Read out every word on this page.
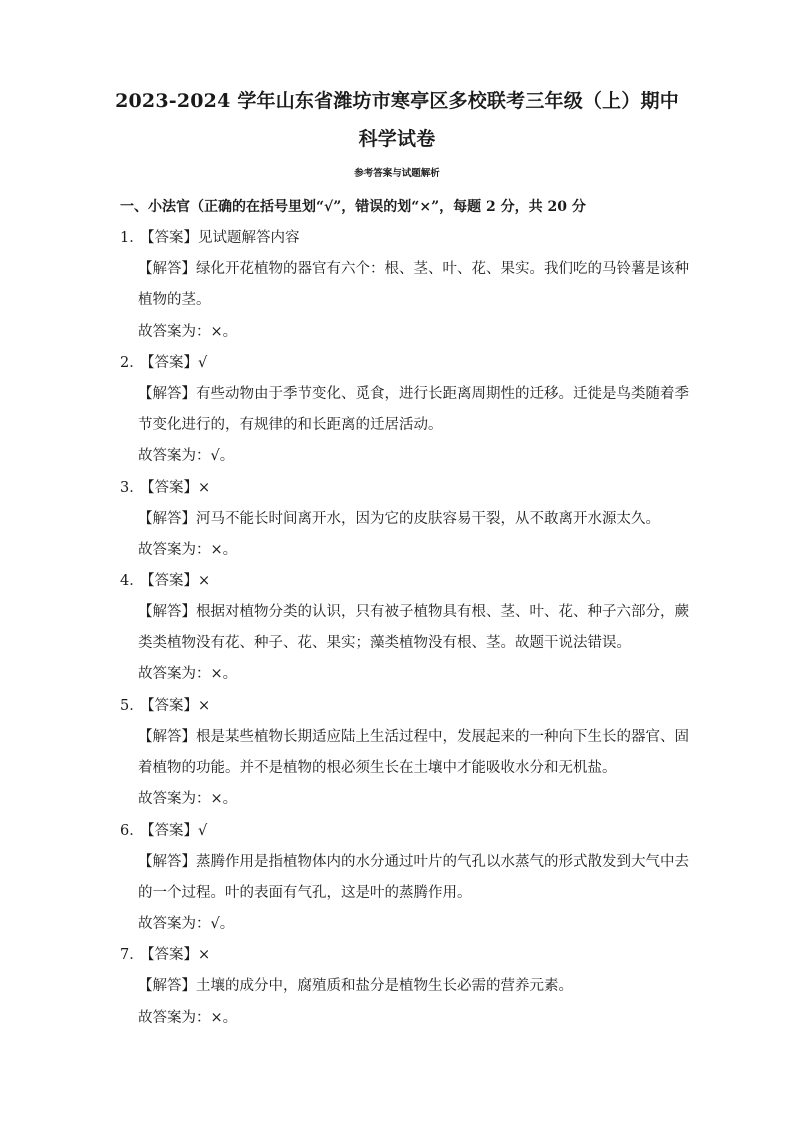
2023-2024 学年山东省潍坊市寒亭区多校联考三年级（上）期中
科学试卷
参考答案与试题解析
一、小法官（正确的在括号里划“√”，错误的划“×”，每题 2 分，共 20 分
1．【答案】见试题解答内容
【解答】绿化开花植物的器官有六个：根、茎、叶、花、果实。我们吃的马铃薯是该种
植物的茎。
故答案为：×。
2．【答案】√
【解答】有些动物由于季节变化、觅食，进行长距离周期性的迁移。迁徙是鸟类随着季
节变化进行的，有规律的和长距离的迁居活动。
故答案为：√。
3．【答案】×
【解答】河马不能长时间离开水，因为它的皮肤容易干裂，从不敢离开水源太久。
故答案为：×。
4．【答案】×
【解答】根据对植物分类的认识，只有被子植物具有根、茎、叶、花、种子六部分，蕨
类类植物没有花、种子、花、果实；藻类植物没有根、茎。故题干说法错误。
故答案为：×。
5．【答案】×
【解答】根是某些植物长期适应陆上生活过程中，发展起来的一种向下生长的器官、固
着植物的功能。并不是植物的根必须生长在土壤中才能吸收水分和无机盐。
故答案为：×。
6．【答案】√
【解答】蒸腾作用是指植物体内的水分通过叶片的气孔以水蒸气的形式散发到大气中去
的一个过程。叶的表面有气孔，这是叶的蒸腾作用。
故答案为：√。
7．【答案】×
【解答】土壤的成分中，腐殖质和盐分是植物生长必需的营养元素。
故答案为：×。
